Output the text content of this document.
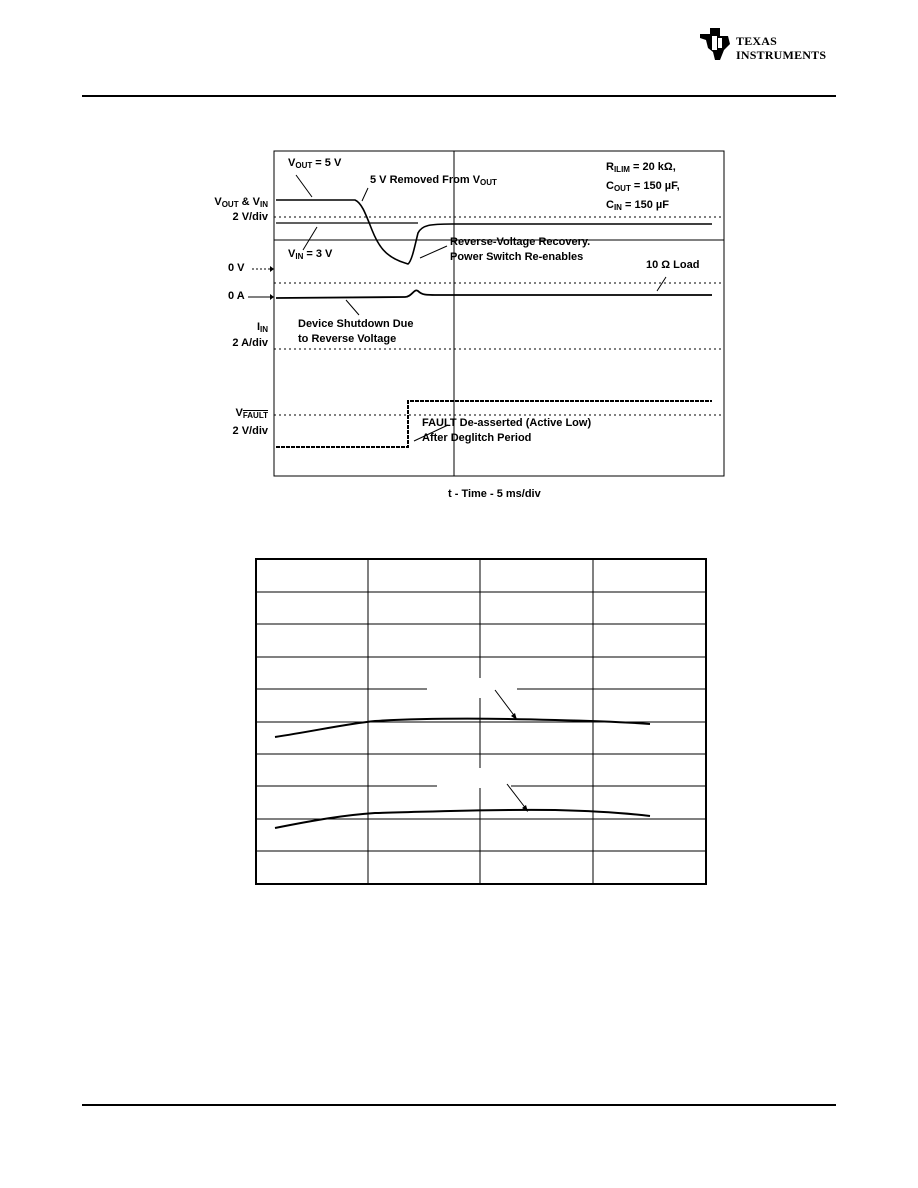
TEXAS
INSTRUMENTS
$V_{OUT}$ & $V_{IN}$
2 V/div
0 V
0 A
$I_{IN}$
2 A/div
$V_{FAULT}$
2 V/div
$V_{OUT} = 5$ V
5 V Removed From $V_{OUT}$
$V_{IN} = 3$ V
Reverse-Voltage Recovery.
Power Switch Re-enables
10 Ω Load
Device Shutdown Due
to Reverse Voltage
FAULT De-asserted (Active Low)
After Deglitch Period
$R_{ILIM} = 20$ kΩ,
$C_{OUT} = 150$ µF,
$C_{IN} = 150$ µF
t - Time - 5 ms/div
